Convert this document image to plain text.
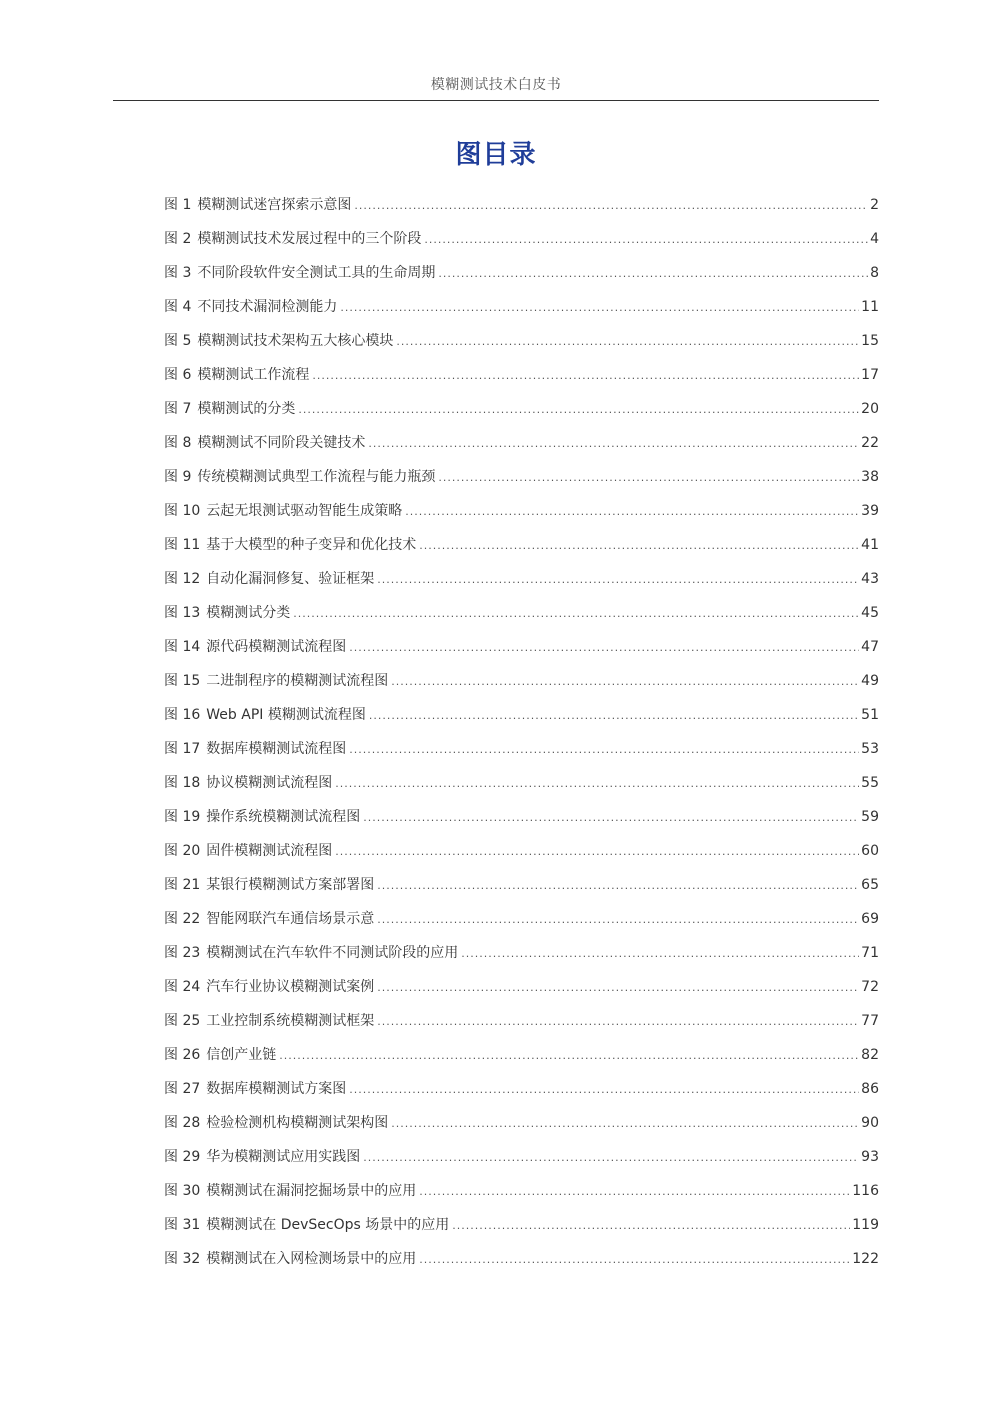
模糊测试技术白皮书
图目录
图 1 模糊测试迷宫探索示意图 .....	2
图 2 模糊测试技术发展过程中的三个阶段 .....	4
图 3 不同阶段软件安全测试工具的生命周期 .....	8
图 4 不同技术漏洞检测能力 .....	11
图 5 模糊测试技术架构五大核心模块 .....	15
图 6 模糊测试工作流程 .....	17
图 7 模糊测试的分类 .....	20
图 8 模糊测试不同阶段关键技术 .....	22
图 9 传统模糊测试典型工作流程与能力瓶颈 .....	38
图 10 云起无垠测试驱动智能生成策略 .....	39
图 11 基于大模型的种子变异和优化技术 .....	41
图 12 自动化漏洞修复、验证框架 .....	43
图 13 模糊测试分类 .....	45
图 14 源代码模糊测试流程图 .....	47
图 15 二进制程序的模糊测试流程图 .....	49
图 16 Web API 模糊测试流程图 .....	51
图 17 数据库模糊测试流程图 .....	53
图 18 协议模糊测试流程图 .....	55
图 19 操作系统模糊测试流程图 .....	59
图 20 固件模糊测试流程图 .....	60
图 21 某银行模糊测试方案部署图 .....	65
图 22 智能网联汽车通信场景示意 .....	69
图 23 模糊测试在汽车软件不同测试阶段的应用 .....	71
图 24 汽车行业协议模糊测试案例 .....	72
图 25 工业控制系统模糊测试框架 .....	77
图 26 信创产业链 .....	82
图 27 数据库模糊测试方案图 .....	86
图 28 检验检测机构模糊测试架构图 .....	90
图 29 华为模糊测试应用实践图 .....	93
图 30 模糊测试在漏洞挖掘场景中的应用 .....	116
图 31 模糊测试在 DevSecOps 场景中的应用 .....	119
图 32 模糊测试在入网检测场景中的应用 .....	122
